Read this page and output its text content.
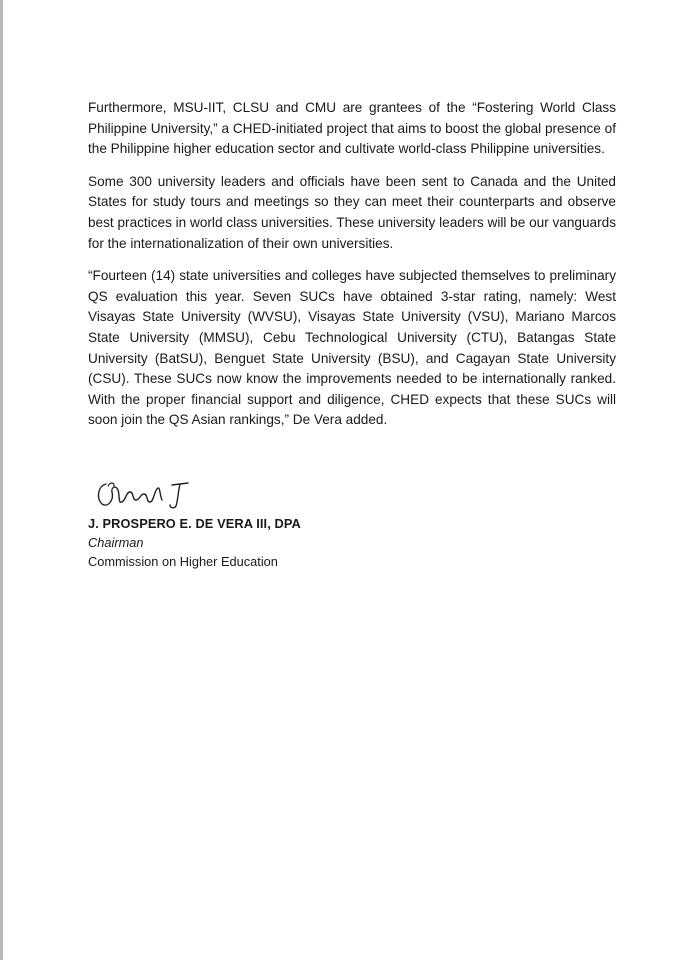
Furthermore, MSU-IIT, CLSU and CMU are grantees of the “Fostering World Class Philippine University,” a CHED-initiated project that aims to boost the global presence of the Philippine higher education sector and cultivate world-class Philippine universities.

Some 300 university leaders and officials have been sent to Canada and the United States for study tours and meetings so they can meet their counterparts and observe best practices in world class universities. These university leaders will be our vanguards for the internationalization of their own universities.

“Fourteen (14) state universities and colleges have subjected themselves to preliminary QS evaluation this year. Seven SUCs have obtained 3-star rating, namely: West Visayas State University (WVSU), Visayas State University (VSU), Mariano Marcos State University (MMSU), Cebu Technological University (CTU), Batangas State University (BatSU), Benguet State University (BSU), and Cagayan State University (CSU). These SUCs now know the improvements needed to be internationally ranked. With the proper financial support and diligence, CHED expects that these SUCs will soon join the QS Asian rankings,” De Vera added.

J. PROSPERO E. DE VERA III, DPA
Chairman
Commission on Higher Education
